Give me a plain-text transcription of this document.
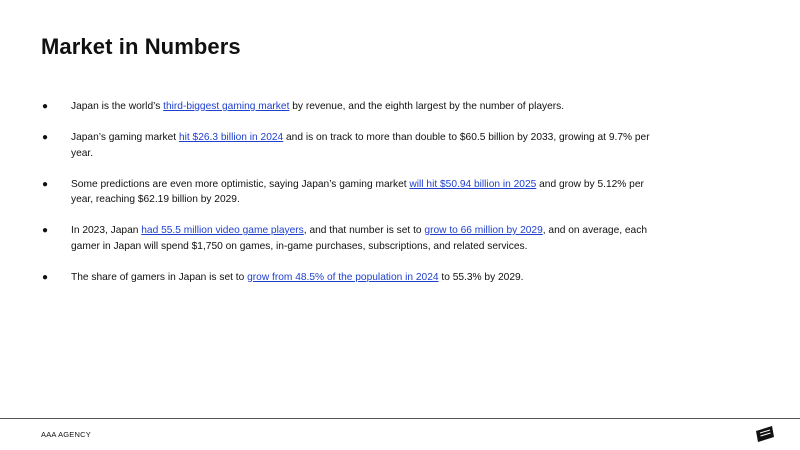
Market in Numbers
● Japan is the world’s third-biggest gaming market by revenue, and the eighth largest by the number of players.
● Japan’s gaming market hit $26.3 billion in 2024 and is on track to more than double to $60.5 billion by 2033, growing at 9.7% per year.
● Some predictions are even more optimistic, saying Japan’s gaming market will hit $50.94 billion in 2025 and grow by 5.12% per year, reaching $62.19 billion by 2029.
● In 2023, Japan had 55.5 million video game players, and that number is set to grow to 66 million by 2029, and on average, each gamer in Japan will spend $1,750 on games, in-game purchases, subscriptions, and related services.
● The share of gamers in Japan is set to grow from 48.5% of the population in 2024 to 55.3% by 2029.
AAA AGENCY
